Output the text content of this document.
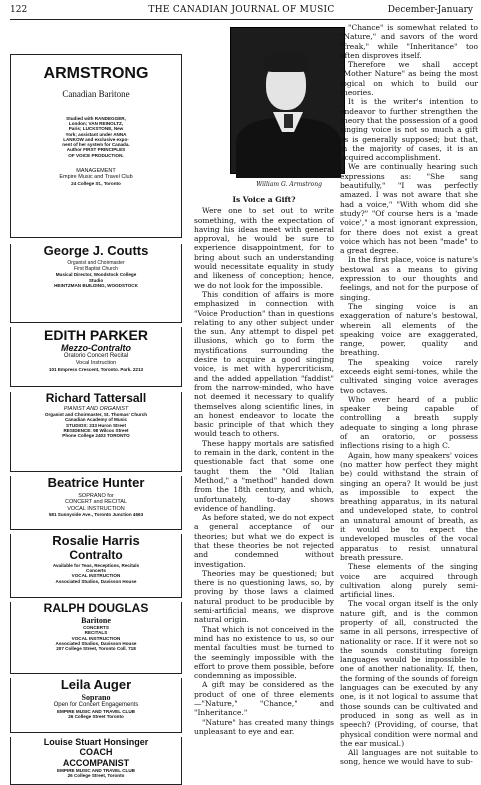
122	THE CANADIAN JOURNAL OF MUSIC	December-January
ARMSTRONG
Canadian Baritone
Studied with RANDEGGER,
London; VAN REINOLTZ,
Paris; LUCKSTONE, New
York; assistant under ANNA
LANKOW and exclusive expo-
nent of her system for Canada.
Author FIRST PRINCIPLES
OF VOICE PRODUCTION.
MANAGEMENT
Empire Music and Travel Club
24 College St., Toronto
George J. Coutts
Organist and Choirmaster
First Baptist Church
Musical Director, Woodstock College
Studio
HEINTZMAN BUILDING, WOODSTOCK
EDITH PARKER
Mezzo-Contralto
Oratorio Concert Recital
Vocal Instruction
101 Empress Crescent, Toronto. Park. 2213
Richard Tattersall
PIANIST AND ORGANIST
Organist and Choirmaster, St. Thomas' Church
Canadian Academy of Music
STUDIOS: 233 Huron Street
RESIDENCE: 98 Wilcox Street
Phone College 2403 TORONTO
Beatrice Hunter
SOPRANO for
CONCERT and RECITAL
VOCAL INSTRUCTION
581 Sunnyside Ave., Toronto Junction 4663
Rosalie Harris
Contralto
Available for Teas, Receptions, Recitals
Concerts
VOCAL INSTRUCTION
Associated Studios, Davisson House
RALPH DOUGLAS
Baritone
CONCERTS
RECITALS
VOCAL INSTRUCTION
Associated Studios, Davisson House
207 College Street, Toronto Coll. 718
Leila Auger
Soprano
Open for Concert Engagements
EMPIRE MUSIC AND TRAVEL CLUB
26 College Street Toronto
Louise Stuart Honsinger
COACH
ACCOMPANIST
EMPIRE MUSIC AND TRAVEL CLUB
26 College Street, Toronto
William G. Armstrong

Is Voice a Gift?

Were one to set out to write something, with the expectation of having his ideas meet with general approval, he would be sure to experience disappointment, for to bring about such an understanding would necessitate equality in study and likeness of conception; hence, we do not look for the impossible.

This condition of affairs is more emphasized in connection with "Voice Production" than in questions relating to any other subject under the sun. Any attempt to dispel pet illusions, which go to form the mystifications surrounding the desire to acquire a good singing voice, is met with hypercriticism, and the added appellation "faddist" from the narrow-minded, who have not deemed it necessary to qualify themselves along scientific lines, in an honest endeavor to locate the basic principle of that which they would teach to others.

These happy mortals are satisfied to remain in the dark, content in the questionable fact that some one taught them the "Old Italian Method," a "method" handed down from the 18th century, and which, unfortunately, to-day shows evidence of handling.

As before stated, we do not expect a general acceptance of our theories; but what we do expect is that these theories be not rejected and condemned without investigation.

Theories may be questioned; but there is no questioning laws, so, by proving by those laws a claimed natural product to be producible by semi-artificial means, we disprove natural origin.

That which is not conceived in the mind has no existence to us, so our mental faculties must be turned to the seemingly impossible with the effort to prove them possible, before condemning as impossible.

A gift may be considered as the product of one of three elements—"Nature," "Chance," and "Inheritance."

"Nature" has created many things unpleasant to eye and ear.

"Chance" is somewhat related to "Nature," and savors of the word "freak," while "Inheritance" too often disproves itself.

Therefore we shall accept "Mother Nature" as being the most logical on which to build our theories.

It is the writer's intention to endeavor to further strengthen the theory that the possession of a good singing voice is not so much a gift as is generally supposed; but that, in the majority of cases, it is an acquired accomplishment.

We are continually hearing such expressions as: "She sang beautifully," "I was perfectly amazed. I was not aware that she had a voice," "With whom did she study?" "Of course hers is a 'made voice'," a most ignorant expression, for there does not exist a great voice which has not been "made" to a great degree.

In the first place, voice is nature's bestowal as a means to giving expression to our thoughts and feelings, and not for the purpose of singing.

The singing voice is an exaggeration of nature's bestowal, wherein all elements of the speaking voice are exaggerated, range, power, quality and breathing.

The speaking voice rarely exceeds eight semi-tones, while the cultivated singing voice averages two octaves.

Who ever heard of a public speaker being capable of controlling a breath supply adequate to singing a long phrase of an oratorio, or possess inflections rising to a high C.

Again, how many speakers' voices (no matter how perfect they might be) could withstand the strain of singing an opera? It would be just as impossible to expect the breathing apparatus, in its natural and undeveloped state, to control an unnatural amount of breath, as it would be to expect the undeveloped muscles of the vocal apparatus to resist unnatural breath pressure.

These elements of the singing voice are acquired through cultivation along purely semi-artificial lines.

The vocal organ itself is the only nature gift, and is the common property of all, constructed the same in all persons, irrespective of nationality or race. If it were not so the sounds constituting foreign languages would be impossible to one of another nationality. If, then, the forming of the sounds of foreign languages can be executed by any one, is it not logical to assume that those sounds can be cultivated and produced in song as well as in speech? (Providing, of course, that physical condition were normal and the ear musical.)

All languages are not suitable to song, hence we would have to sub-
